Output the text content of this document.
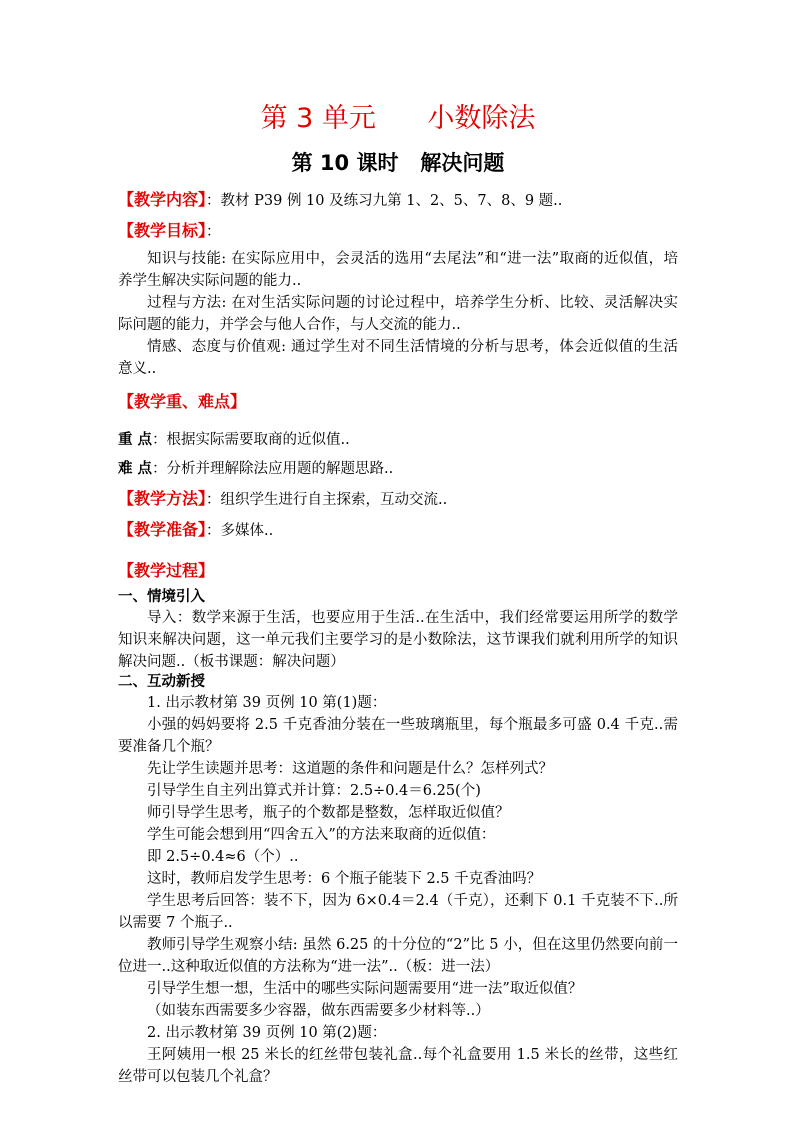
第 3 单元      小数除法
第 10 课时   解决问题

【教学内容】：教材 P39 例 10 及练习九第 1、2、5、7、8、9 题..

【教学目标】：

知识与技能: 在实际应用中，会灵活的选用“去尾法”和“进一法”取商的近似值，培养学生解决实际问题的能力..

过程与方法: 在对生活实际问题的讨论过程中，培养学生分析、比较、灵活解决实际问题的能力，并学会与他人合作，与人交流的能力..

情感、态度与价值观: 通过学生对不同生活情境的分析与思考，体会近似值的生活意义..

【教学重、难点】

重 点：根据实际需要取商的近似值..

难 点：分析并理解除法应用题的解题思路..

【教学方法】：组织学生进行自主探索，互动交流..

【教学准备】：多媒体..

【教学过程】

一、情境引入

导入：数学来源于生活，也要应用于生活..在生活中，我们经常要运用所学的数学知识来解决问题，这一单元我们主要学习的是小数除法，这节课我们就利用所学的知识解决问题..（板书课题：解决问题）

二、互动新授

1. 出示教材第 39 页例 10 第(1)题：

小强的妈妈要将 2.5 千克香油分装在一些玻璃瓶里，每个瓶最多可盛 0.4 千克..需要准备几个瓶？

先让学生读题并思考：这道题的条件和问题是什么？怎样列式？

引导学生自主列出算式并计算：2.5÷0.4＝6.25(个)

师引导学生思考，瓶子的个数都是整数，怎样取近似值？

学生可能会想到用“四舍五入”的方法来取商的近似值：

即 2.5÷0.4≈6（个）..

这时，教师启发学生思考：6 个瓶子能装下 2.5 千克香油吗？

学生思考后回答：装不下，因为 6×0.4＝2.4（千克），还剩下 0.1 千克装不下..所以需要 7 个瓶子..

教师引导学生观察小结: 虽然 6.25 的十分位的“2”比 5 小，但在这里仍然要向前一位进一..这种取近似值的方法称为“进一法”..（板：进一法）

引导学生想一想，生活中的哪些实际问题需要用“进一法”取近似值？

（如装东西需要多少容器，做东西需要多少材料等..）

2. 出示教材第 39 页例 10 第(2)题：

王阿姨用一根 25 米长的红丝带包装礼盒..每个礼盒要用 1.5 米长的丝带，这些红丝带可以包装几个礼盒？
